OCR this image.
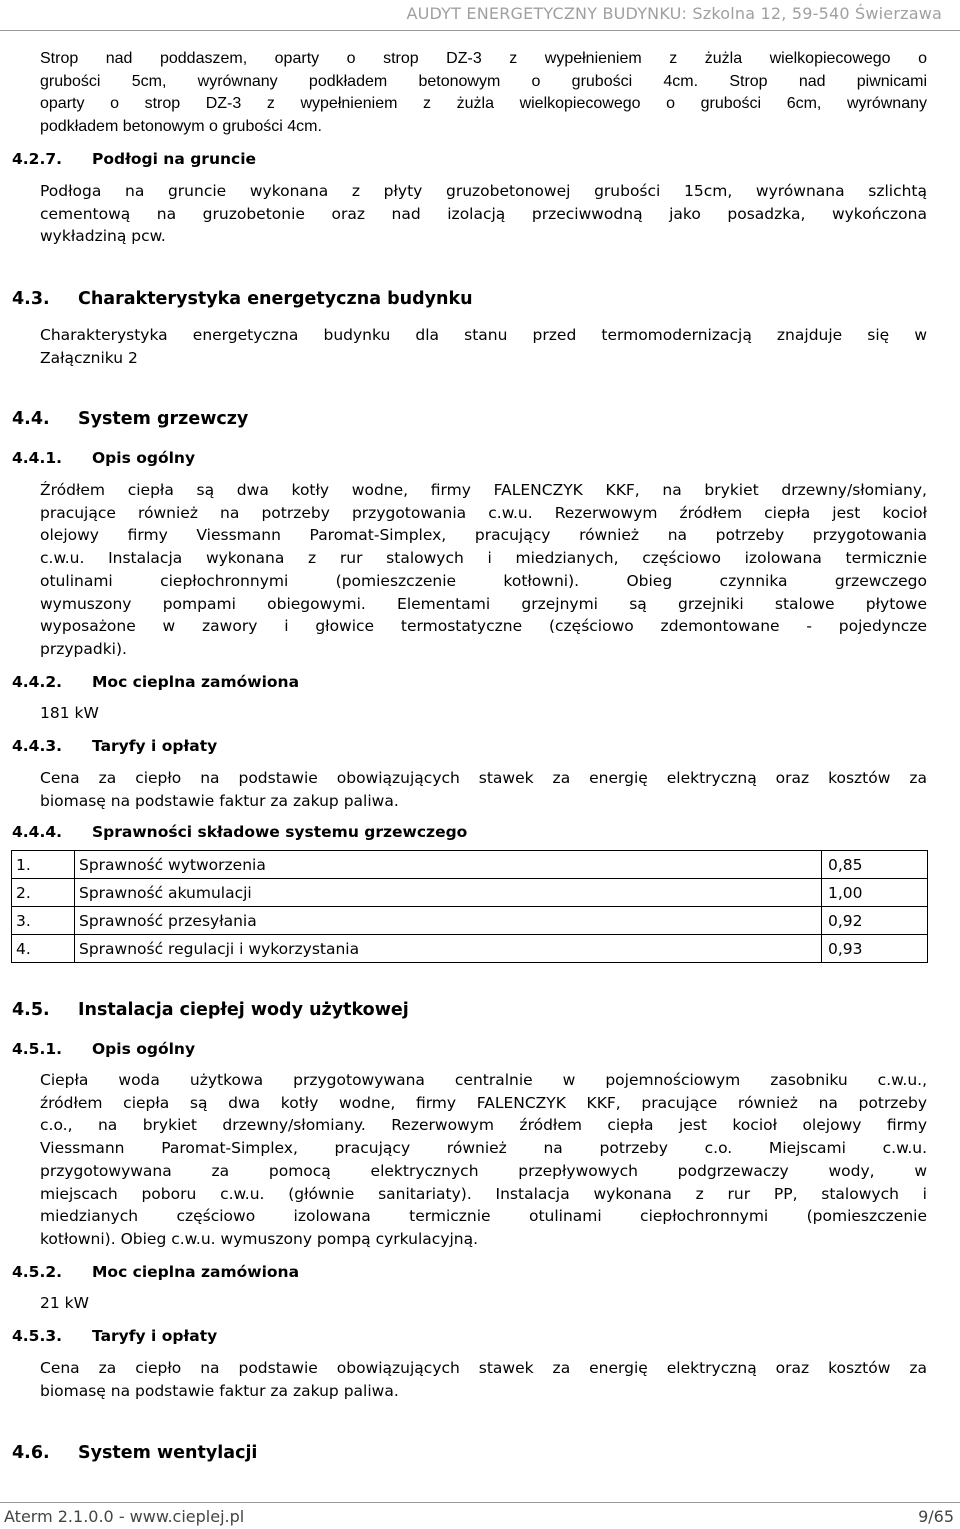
AUDYT ENERGETYCZNY BUDYNKU: Szkolna 12, 59-540 Świerzawa
Strop nad poddaszem, oparty o strop DZ-3 z wypełnieniem z żużla wielkopiecowego o
grubości 5cm, wyrównany podkładem betonowym o grubości 4cm. Strop nad piwnicami
oparty o strop DZ-3 z wypełnieniem z żużla wielkopiecowego o grubości 6cm, wyrównany
podkładem betonowym o grubości 4cm.
4.2.7. Podłogi na gruncie
Podłoga na gruncie wykonana z płyty gruzobetonowej grubości 15cm, wyrównana szlichtą
cementową na gruzobetonie oraz nad izolacją przeciwwodną jako posadzka, wykończona
wykładziną pcw.
4.3. Charakterystyka energetyczna budynku
Charakterystyka energetyczna budynku dla stanu przed termomodernizacją znajduje się w
Załączniku 2
4.4. System grzewczy
4.4.1. Opis ogólny
Źródłem ciepła są dwa kotły wodne, firmy FALENCZYK KKF, na brykiet drzewny/słomiany,
pracujące również na potrzeby przygotowania c.w.u. Rezerwowym źródłem ciepła jest kocioł
olejowy firmy Viessmann Paromat-Simplex, pracujący również na potrzeby przygotowania
c.w.u. Instalacja wykonana z rur stalowych i miedzianych, częściowo izolowana termicznie
otulinami ciepłochronnymi (pomieszczenie kotłowni). Obieg czynnika grzewczego
wymuszony pompami obiegowymi. Elementami grzejnymi są grzejniki stalowe płytowe
wyposażone w zawory i głowice termostatyczne (częściowo zdemontowane - pojedyncze
przypadki).
4.4.2. Moc cieplna zamówiona
181 kW
4.4.3. Taryfy i opłaty
Cena za ciepło na podstawie obowiązujących stawek za energię elektryczną oraz kosztów za
biomasę na podstawie faktur za zakup paliwa.
4.4.4. Sprawności składowe systemu grzewczego
1.	Sprawność wytworzenia	0,85
2.	Sprawność akumulacji	1,00
3.	Sprawność przesyłania	0,92
4.	Sprawność regulacji i wykorzystania	0,93
4.5. Instalacja ciepłej wody użytkowej
4.5.1. Opis ogólny
Ciepła woda użytkowa przygotowywana centralnie w pojemnościowym zasobniku c.w.u.,
źródłem ciepła są dwa kotły wodne, firmy FALENCZYK KKF, pracujące również na potrzeby
c.o., na brykiet drzewny/słomiany. Rezerwowym źródłem ciepła jest kocioł olejowy firmy
Viessmann Paromat-Simplex, pracujący również na potrzeby c.o. Miejscami c.w.u.
przygotowywana za pomocą elektrycznych przepływowych podgrzewaczy wody, w
miejscach poboru c.w.u. (głównie sanitariaty). Instalacja wykonana z rur PP, stalowych i
miedzianych częściowo izolowana termicznie otulinami ciepłochronnymi (pomieszczenie
kotłowni). Obieg c.w.u. wymuszony pompą cyrkulacyjną.
4.5.2. Moc cieplna zamówiona
21 kW
4.5.3. Taryfy i opłaty
Cena za ciepło na podstawie obowiązujących stawek za energię elektryczną oraz kosztów za
biomasę na podstawie faktur za zakup paliwa.
4.6. System wentylacji
Aterm 2.1.0.0 - www.cieplej.pl	9/65
